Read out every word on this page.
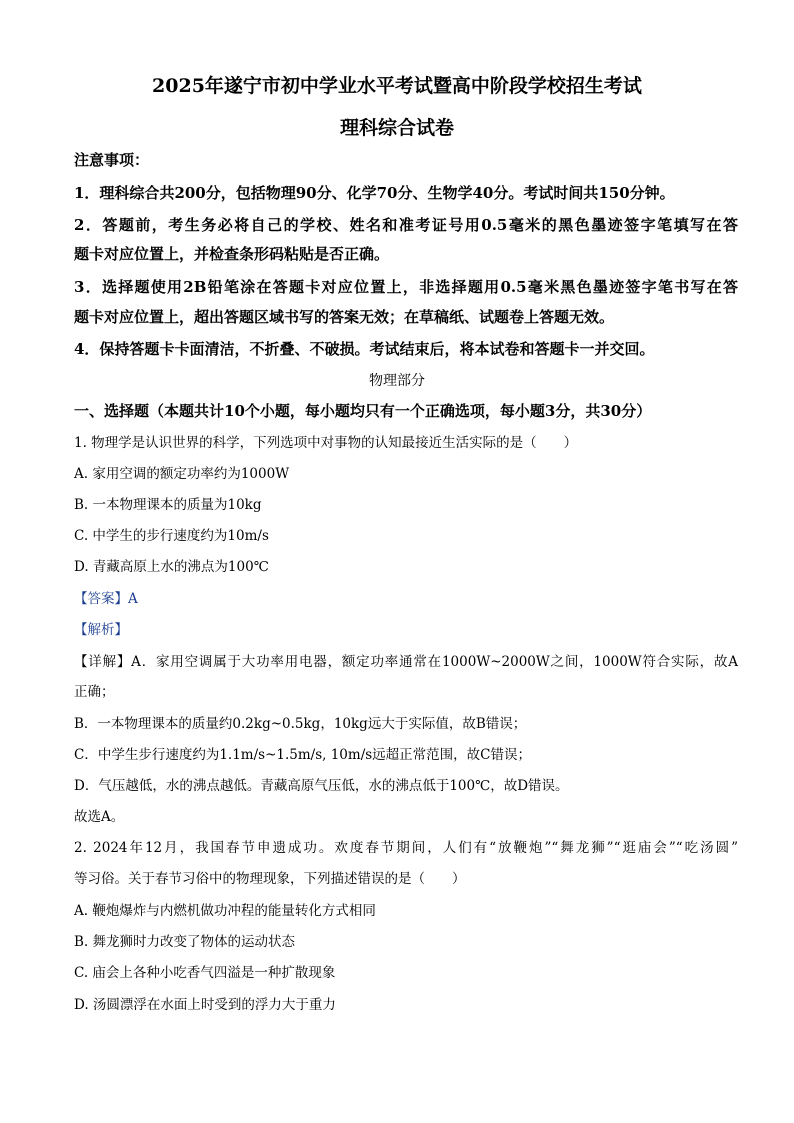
2025年遂宁市初中学业水平考试暨高中阶段学校招生考试
理科综合试卷
注意事项：
1．理科综合共200分，包括物理90分、化学70分、生物学40分。考试时间共150分钟。
2．答题前，考生务必将自己的学校、姓名和准考证号用0.5毫米的黑色墨迹签字笔填写在答
题卡对应位置上，并检查条形码粘贴是否正确。
3．选择题使用2B铅笔涂在答题卡对应位置上，非选择题用0.5毫米黑色墨迹签字笔书写在答
题卡对应位置上，超出答题区域书写的答案无效；在草稿纸、试题卷上答题无效。
4．保持答题卡卡面清洁，不折叠、不破损。考试结束后，将本试卷和答题卡一并交回。
物理部分
一、选择题（本题共计10个小题，每小题均只有一个正确选项，每小题3分，共30分）
1. 物理学是认识世界的科学，下列选项中对事物的认知最接近生活实际的是（　　）
A. 家用空调的额定功率约为1000W
B. 一本物理课本的质量为10kg
C. 中学生的步行速度约为10m/s
D. 青藏高原上水的沸点为100℃
【答案】A
【解析】
【详解】A．家用空调属于大功率用电器，额定功率通常在1000W~2000W之间，1000W符合实际，故A
正确；
B．一本物理课本的质量约0.2kg~0.5kg，10kg远大于实际值，故B错误；
C．中学生步行速度约为1.1m/s~1.5m/s, 10m/s远超正常范围，故C错误；
D．气压越低，水的沸点越低。青藏高原气压低，水的沸点低于100℃，故D错误。
故选A。
2. 2024年12月，我国春节申遗成功。欢度春节期间，人们有“放鞭炮”“舞龙狮”“逛庙会”“吃汤圆”
等习俗。关于春节习俗中的物理现象，下列描述错误的是（　　）
A. 鞭炮爆炸与内燃机做功冲程的能量转化方式相同
B. 舞龙狮时力改变了物体的运动状态
C. 庙会上各种小吃香气四溢是一种扩散现象
D. 汤圆漂浮在水面上时受到的浮力大于重力
